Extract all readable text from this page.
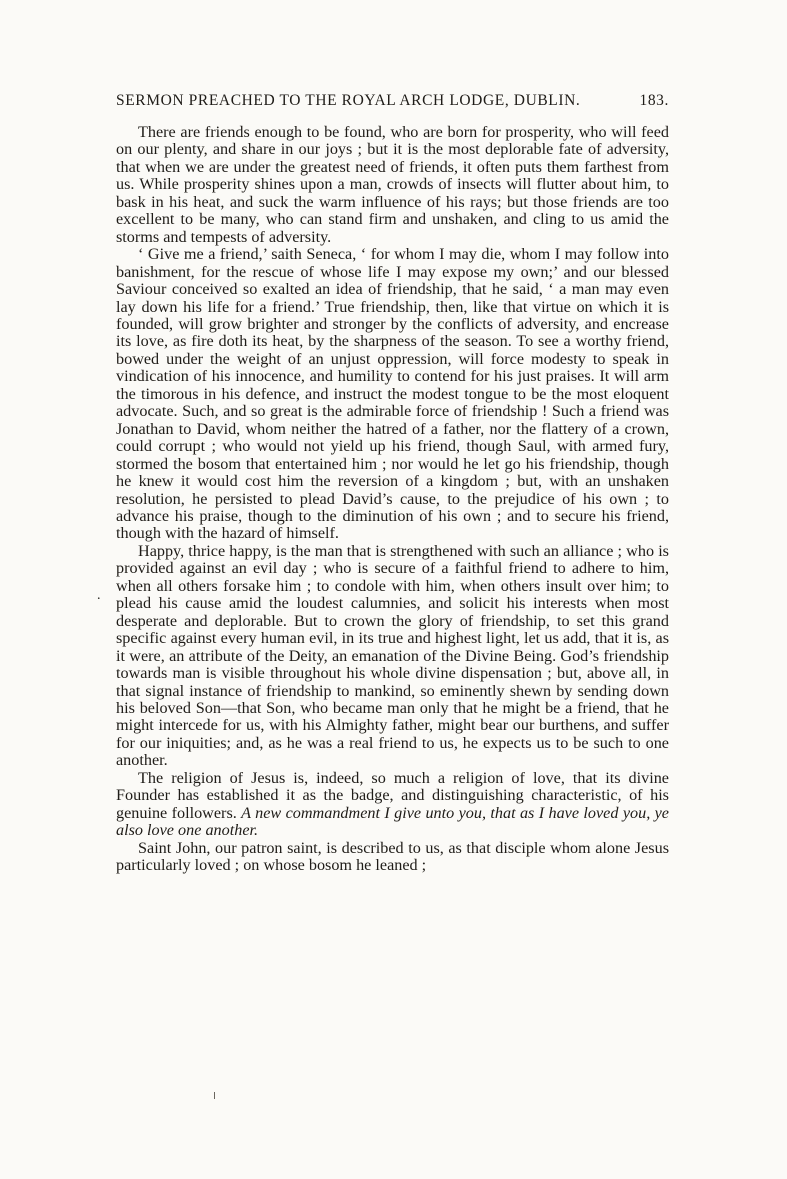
SERMON PREACHED TO THE ROYAL ARCH LODGE, DUBLIN.	183.

There are friends enough to be found, who are born for prosperity, who will feed on our plenty, and share in our joys ; but it is the most deplorable fate of adversity, that when we are under the greatest need of friends, it often puts them farthest from us. While prosperity shines upon a man, crowds of insects will flutter about him, to bask in his heat, and suck the warm influence of his rays; but those friends are too excellent to be many, who can stand firm and unshaken, and cling to us amid the storms and tempests of adversity.

‘ Give me a friend,’ saith Seneca, ‘ for whom I may die, whom I may follow into banishment, for the rescue of whose life I may expose my own;’ and our blessed Saviour conceived so exalted an idea of friendship, that he said, ‘ a man may even lay down his life for a friend.’ True friendship, then, like that virtue on which it is founded, will grow brighter and stronger by the conflicts of adversity, and encrease its love, as fire doth its heat, by the sharpness of the season. To see a worthy friend, bowed under the weight of an unjust oppression, will force modesty to speak in vindication of his innocence, and humility to contend for his just praises. It will arm the timorous in his defence, and instruct the modest tongue to be the most eloquent advocate. Such, and so great is the admirable force of friendship ! Such a friend was Jonathan to David, whom neither the hatred of a father, nor the flattery of a crown, could corrupt ; who would not yield up his friend, though Saul, with armed fury, stormed the bosom that entertained him ; nor would he let go his friendship, though he knew it would cost him the reversion of a kingdom ; but, with an unshaken resolution, he persisted to plead David’s cause, to the prejudice of his own ; to advance his praise, though to the diminution of his own ; and to secure his friend, though with the hazard of himself.

Happy, thrice happy, is the man that is strengthened with such an alliance ; who is provided against an evil day ; who is secure of a faithful friend to adhere to him, when all others forsake him ; to condole with him, when others insult over him; to plead his cause amid the loudest calumnies, and solicit his interests when most desperate and deplorable. But to crown the glory of friendship, to set this grand specific against every human evil, in its true and highest light, let us add, that it is, as it were, an attribute of the Deity, an emanation of the Divine Being. God’s friendship towards man is visible throughout his whole divine dispensation ; but, above all, in that signal instance of friendship to mankind, so eminently shewn by sending down his beloved Son—that Son, who became man only that he might be a friend, that he might intercede for us, with his Almighty father, might bear our burthens, and suffer for our iniquities; and, as he was a real friend to us, he expects us to be such to one another.

The religion of Jesus is, indeed, so much a religion of love, that its divine Founder has established it as the badge, and distinguishing characteristic, of his genuine followers. A new commandment I give unto you, that as I have loved you, ye also love one another.

Saint John, our patron saint, is described to us, as that disciple whom alone Jesus particularly loved ; on whose bosom he leaned ;

.
